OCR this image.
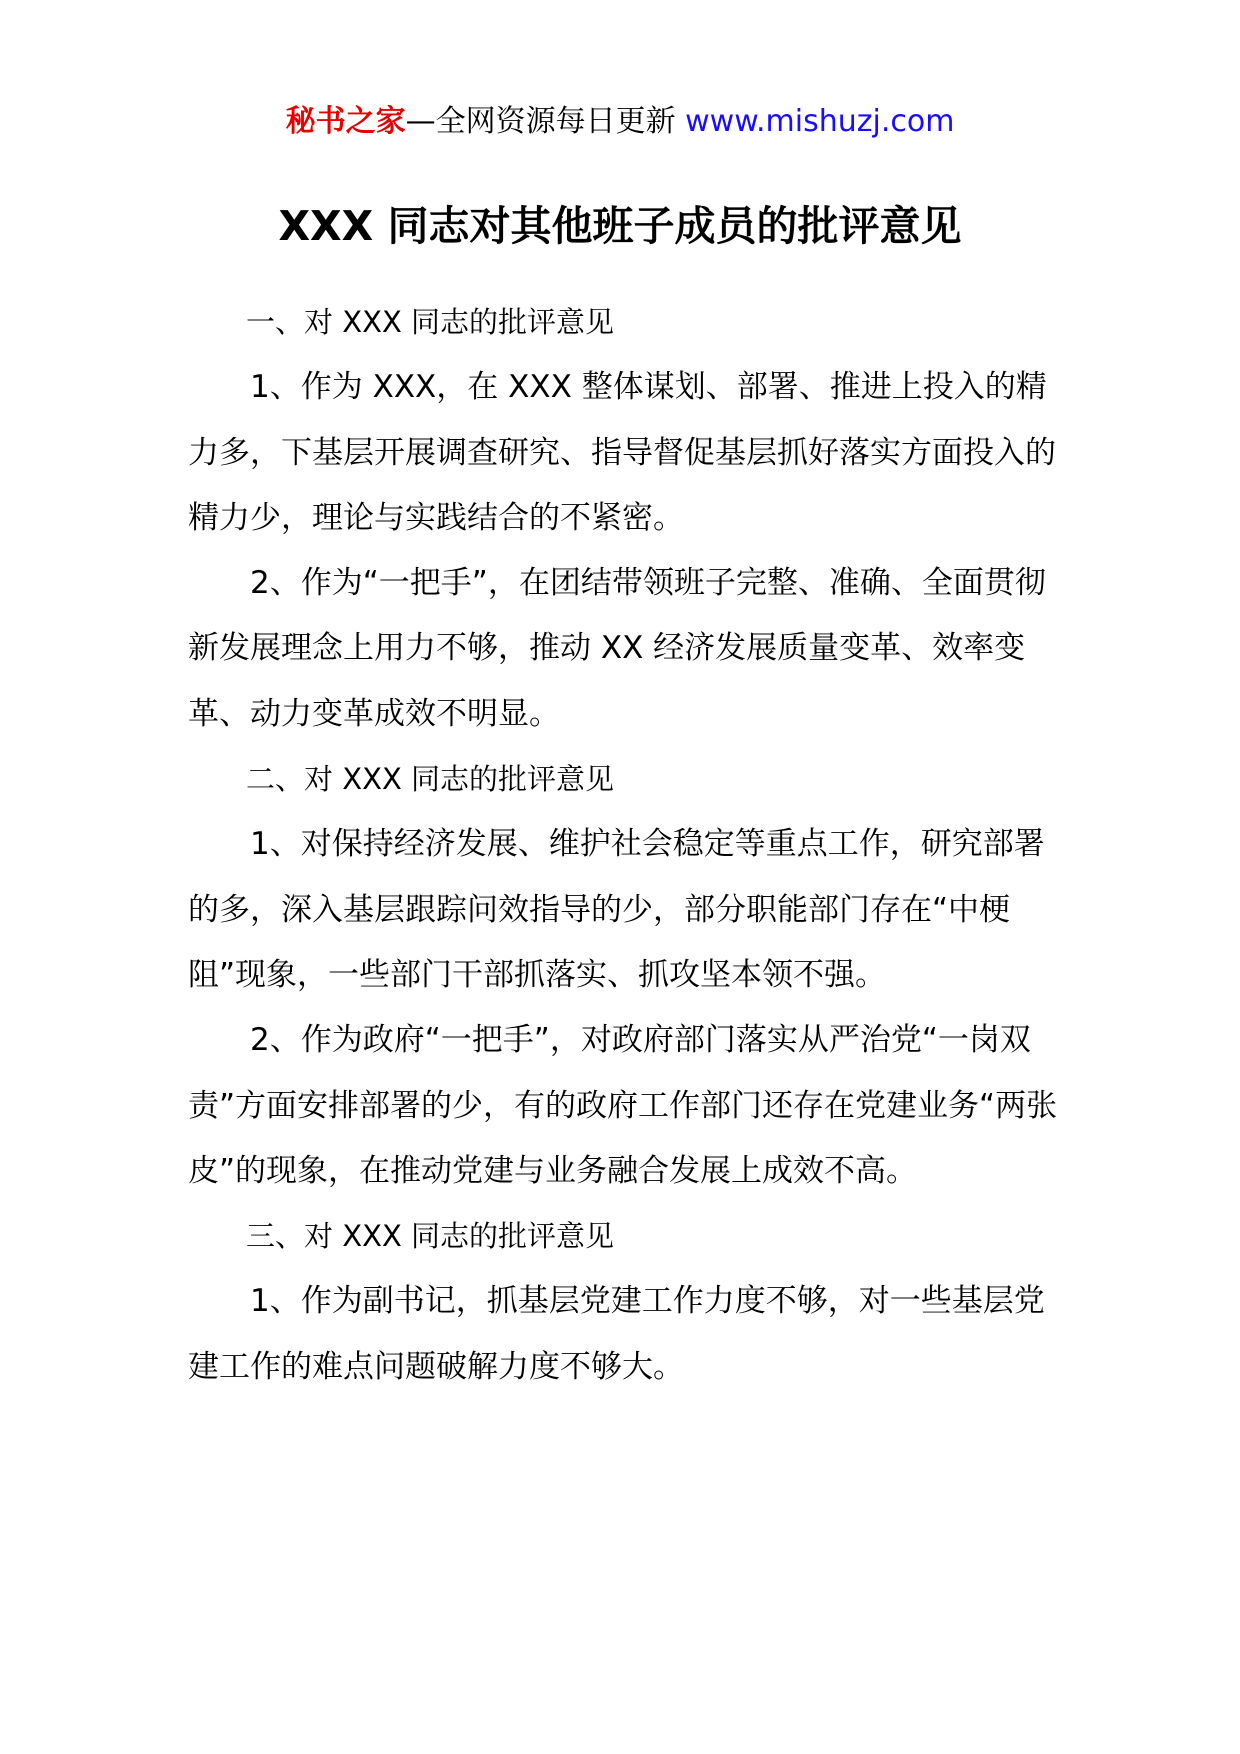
秘书之家—全网资源每日更新 www.mishuzj.com
XXX 同志对其他班子成员的批评意见

一、对 XXX 同志的批评意见

1、作为 XXX，在 XXX 整体谋划、部署、推进上投入的精力多，下基层开展调查研究、指导督促基层抓好落实方面投入的精力少，理论与实践结合的不紧密。

2、作为“一把手”，在团结带领班子完整、准确、全面贯彻新发展理念上用力不够，推动 XX 经济发展质量变革、效率变革、动力变革成效不明显。

二、对 XXX 同志的批评意见

1、对保持经济发展、维护社会稳定等重点工作，研究部署的多，深入基层跟踪问效指导的少，部分职能部门存在“中梗阻”现象，一些部门干部抓落实、抓攻坚本领不强。

2、作为政府“一把手”，对政府部门落实从严治党“一岗双责”方面安排部署的少，有的政府工作部门还存在党建业务“两张皮”的现象，在推动党建与业务融合发展上成效不高。

三、对 XXX 同志的批评意见

1、作为副书记，抓基层党建工作力度不够，对一些基层党建工作的难点问题破解力度不够大。
